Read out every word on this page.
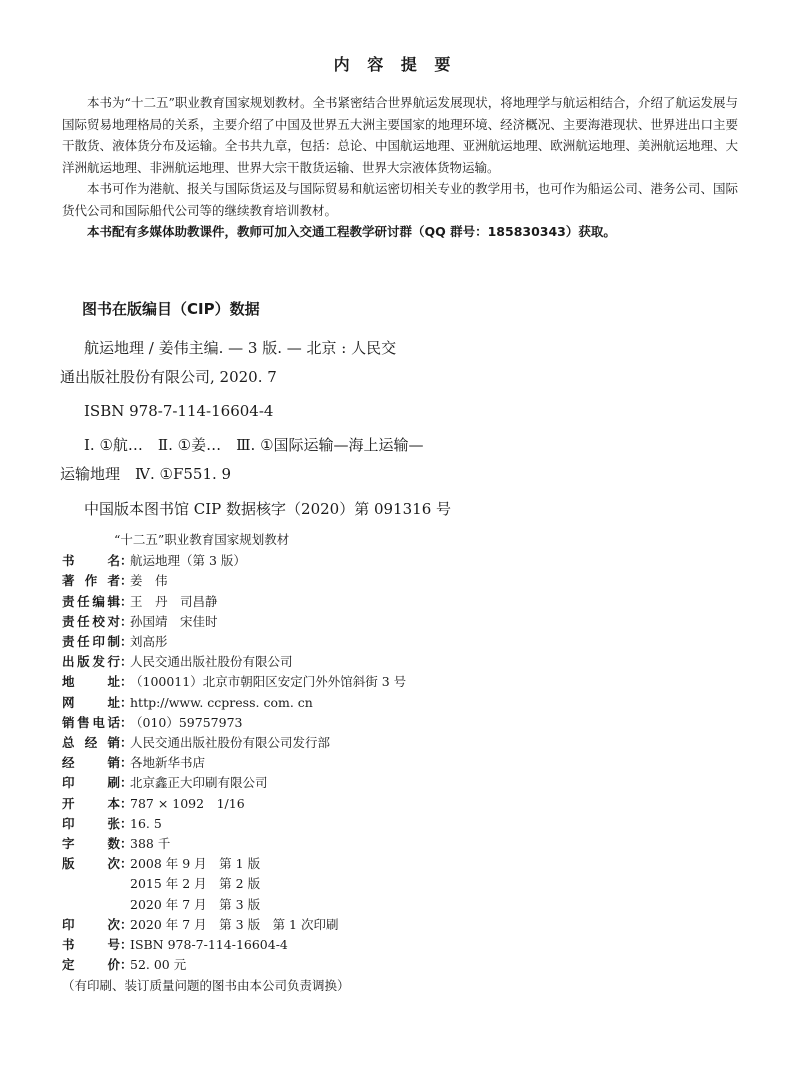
内 容 提 要

本书为“十二五”职业教育国家规划教材。全书紧密结合世界航运发展现状，将地理学与航运相结合，介绍了航运发展与国际贸易地理格局的关系，主要介绍了中国及世界五大洲主要国家的地理环境、经济概况、主要海港现状、世界进出口主要干散货、液体货分布及运输。全书共九章，包括：总论、中国航运地理、亚洲航运地理、欧洲航运地理、美洲航运地理、大洋洲航运地理、非洲航运地理、世界大宗干散货运输、世界大宗液体货物运输。

本书可作为港航、报关与国际货运及与国际贸易和航运密切相关专业的教学用书，也可作为船运公司、港务公司、国际货代公司和国际船代公司等的继续教育培训教材。

本书配有多媒体助教课件，教师可加入交通工程教学研讨群（QQ 群号：185830343）获取。

图书在版编目（CIP）数据
航运地理 / 姜伟主编. — 3 版. — 北京 : 人民交
通出版社股份有限公司, 2020. 7
ISBN 978-7-114-16604-4
Ⅰ. ①航…　Ⅱ. ①姜…　Ⅲ. ①国际运输—海上运输—
运输地理　Ⅳ. ①F551. 9
中国版本图书馆 CIP 数据核字（2020）第 091316 号
“十二五”职业教育国家规划教材
书　名 ：
航运地理（第 3 版）
著作者 ：
姜　伟
责任编辑 ：
王　丹　司昌静
责任校对 ：
孙国靖　宋佳时
责任印制 ：
刘高彤
出版发行 ：
人民交通出版社股份有限公司
地　址 ：
（100011）北京市朝阳区安定门外外馆斜街 3 号
网　址 ：
http://www. ccpress. com. cn
销售电话 ：
（010）59757973
总经销 ：
人民交通出版社股份有限公司发行部
经　销 ：
各地新华书店
印　刷 ：
北京鑫正大印刷有限公司
开　本 ：
787 × 1092　1/16
印　张 ：
16. 5
字　数 ：
388 千
版　次 ：
2008 年 9 月　第 1 版
2015 年 2 月　第 2 版
2020 年 7 月　第 3 版
印　次 ：
2020 年 7 月　第 3 版　第 1 次印刷
书　号 ：
ISBN 978-7-114-16604-4
定　价 ：
52. 00 元
（有印刷、装订质量问题的图书由本公司负责调换）
